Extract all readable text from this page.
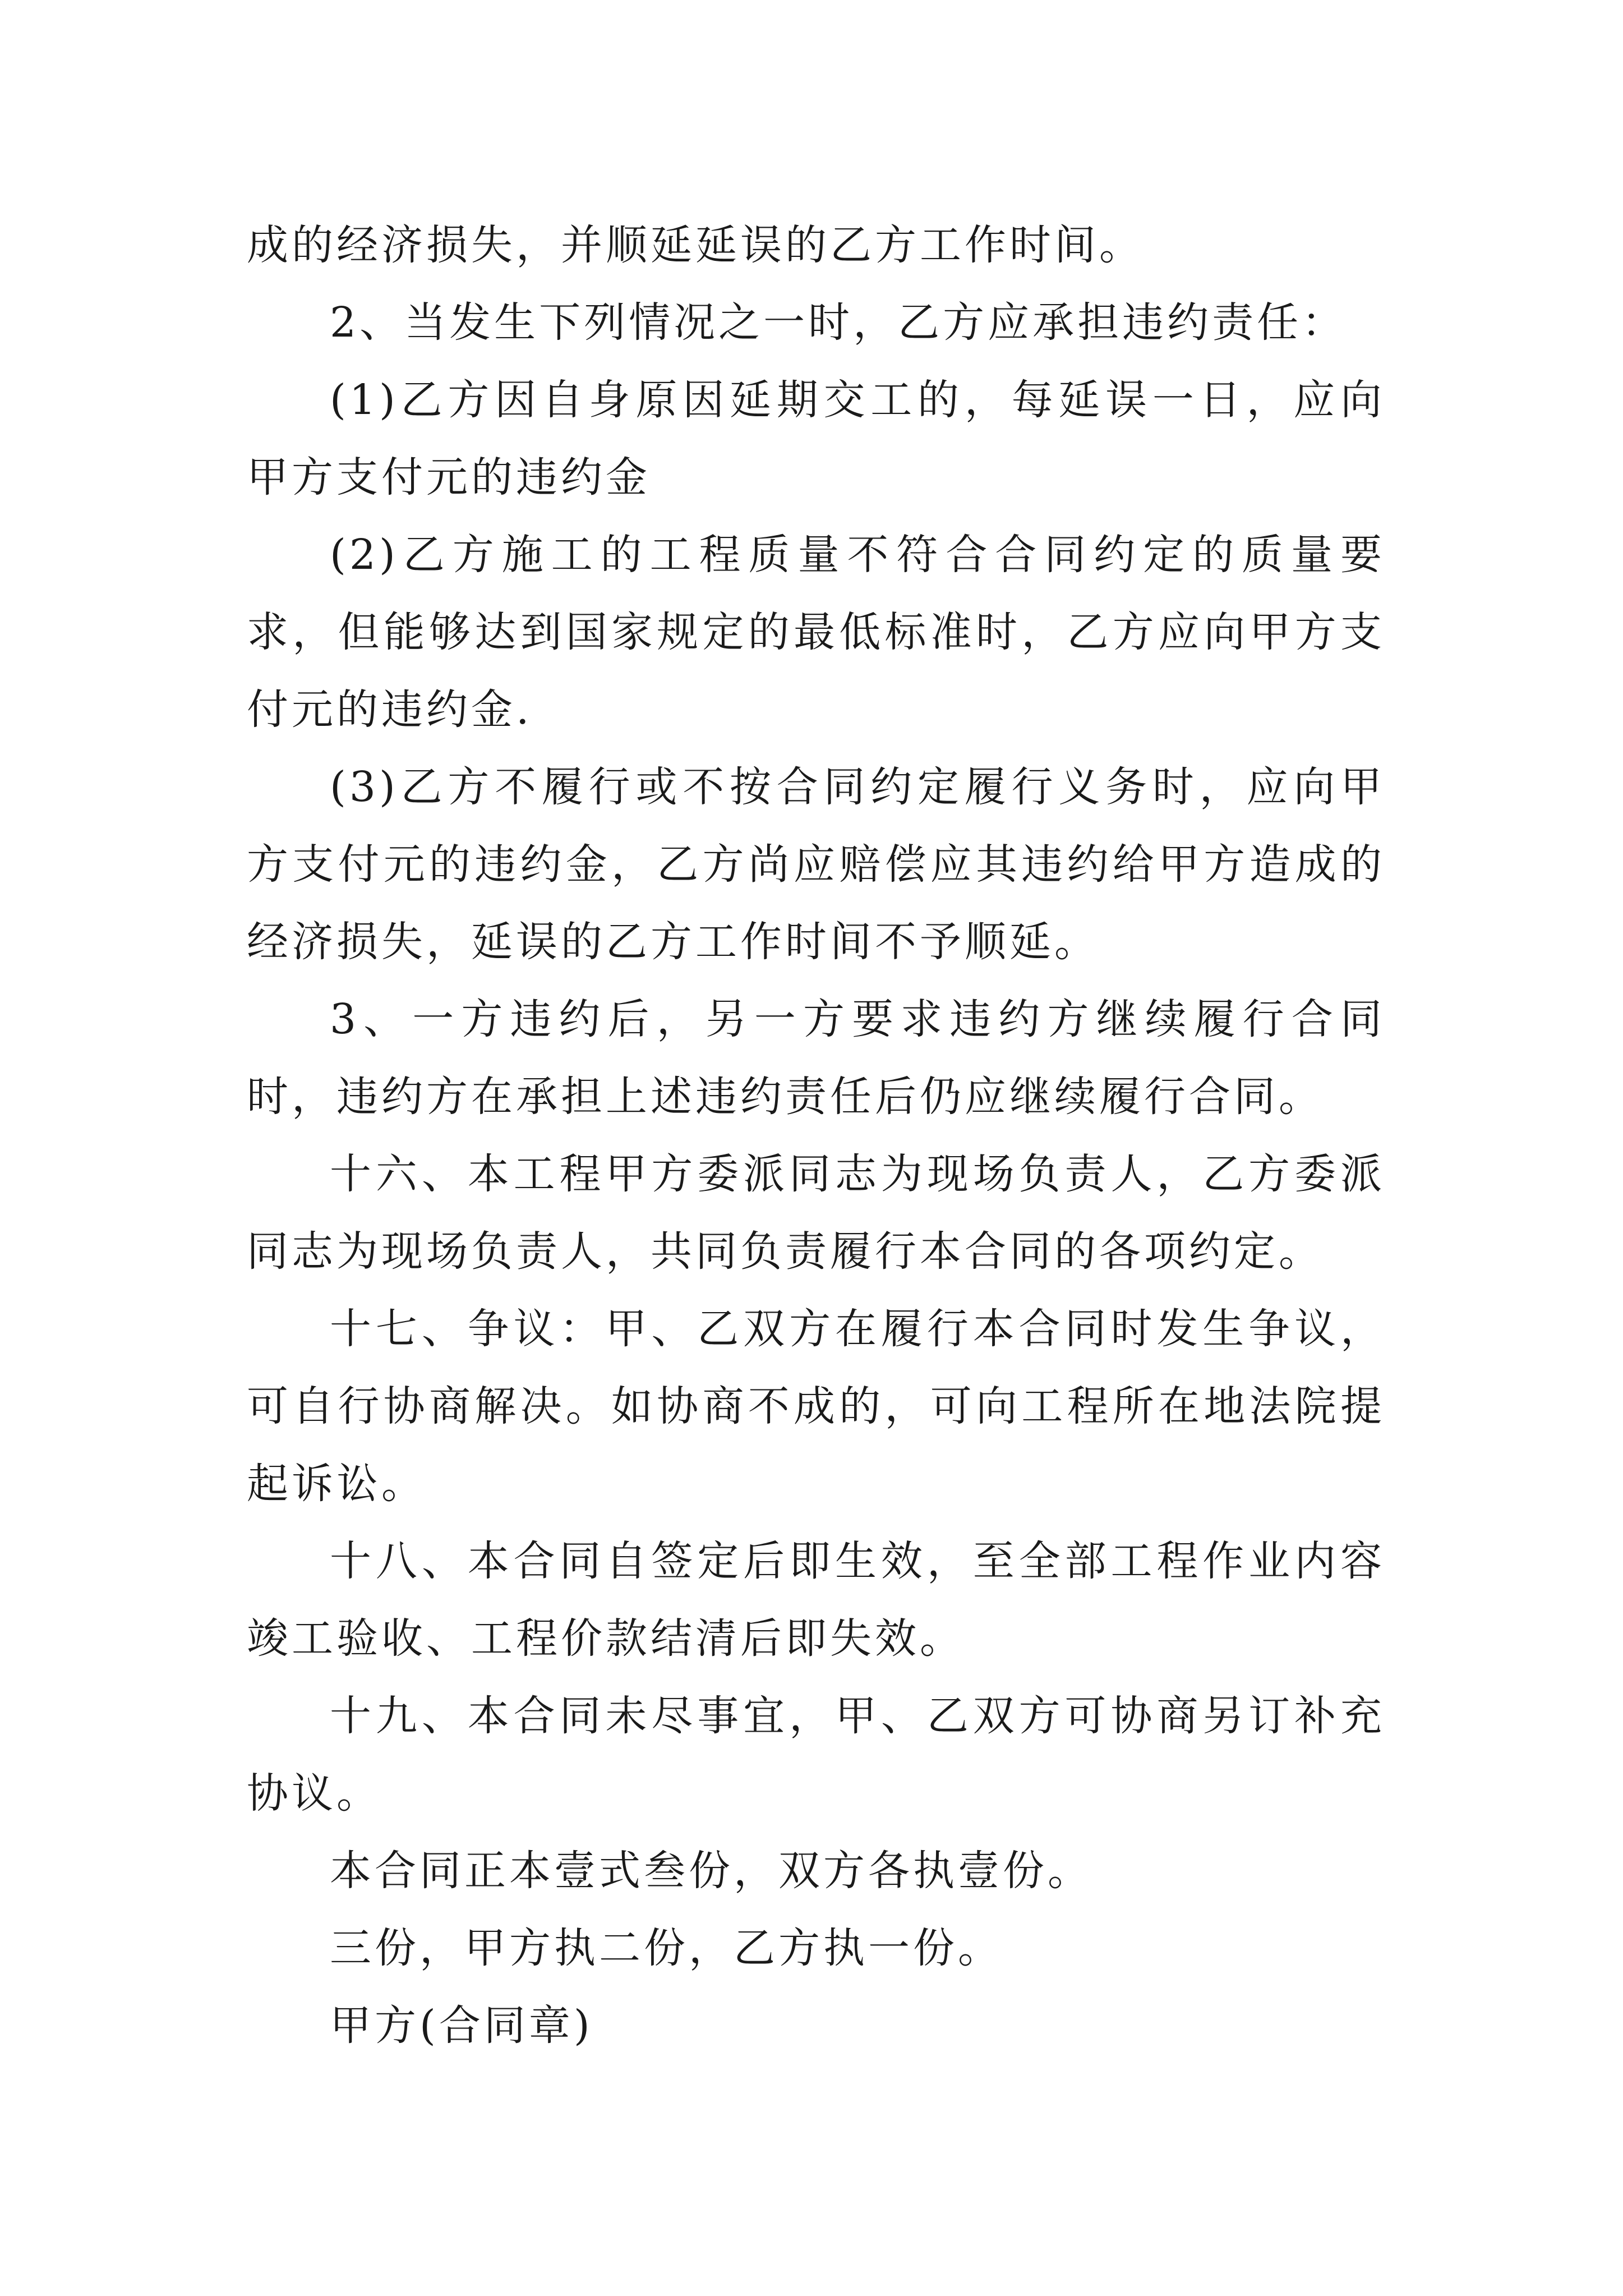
成的经济损失，并顺延延误的乙方工作时间。

2、当发生下列情况之一时，乙方应承担违约责任：

(1)乙方因自身原因延期交工的，每延误一日，应向甲方支付元的违约金

(2)乙方施工的工程质量不符合合同约定的质量要求，但能够达到国家规定的最低标准时，乙方应向甲方支付元的违约金.

(3)乙方不履行或不按合同约定履行义务时，应向甲方支付元的违约金，乙方尚应赔偿应其违约给甲方造成的经济损失，延误的乙方工作时间不予顺延。

3、一方违约后，另一方要求违约方继续履行合同时，违约方在承担上述违约责任后仍应继续履行合同。

十六、本工程甲方委派同志为现场负责人，乙方委派同志为现场负责人，共同负责履行本合同的各项约定。

十七、争议：甲、乙双方在履行本合同时发生争议，可自行协商解决。如协商不成的，可向工程所在地法院提起诉讼。

十八、本合同自签定后即生效，至全部工程作业内容竣工验收、工程价款结清后即失效。

十九、本合同未尽事宜，甲、乙双方可协商另订补充协议。

本合同正本壹式叁份，双方各执壹份。

三份，甲方执二份，乙方执一份。

甲方(合同章)
